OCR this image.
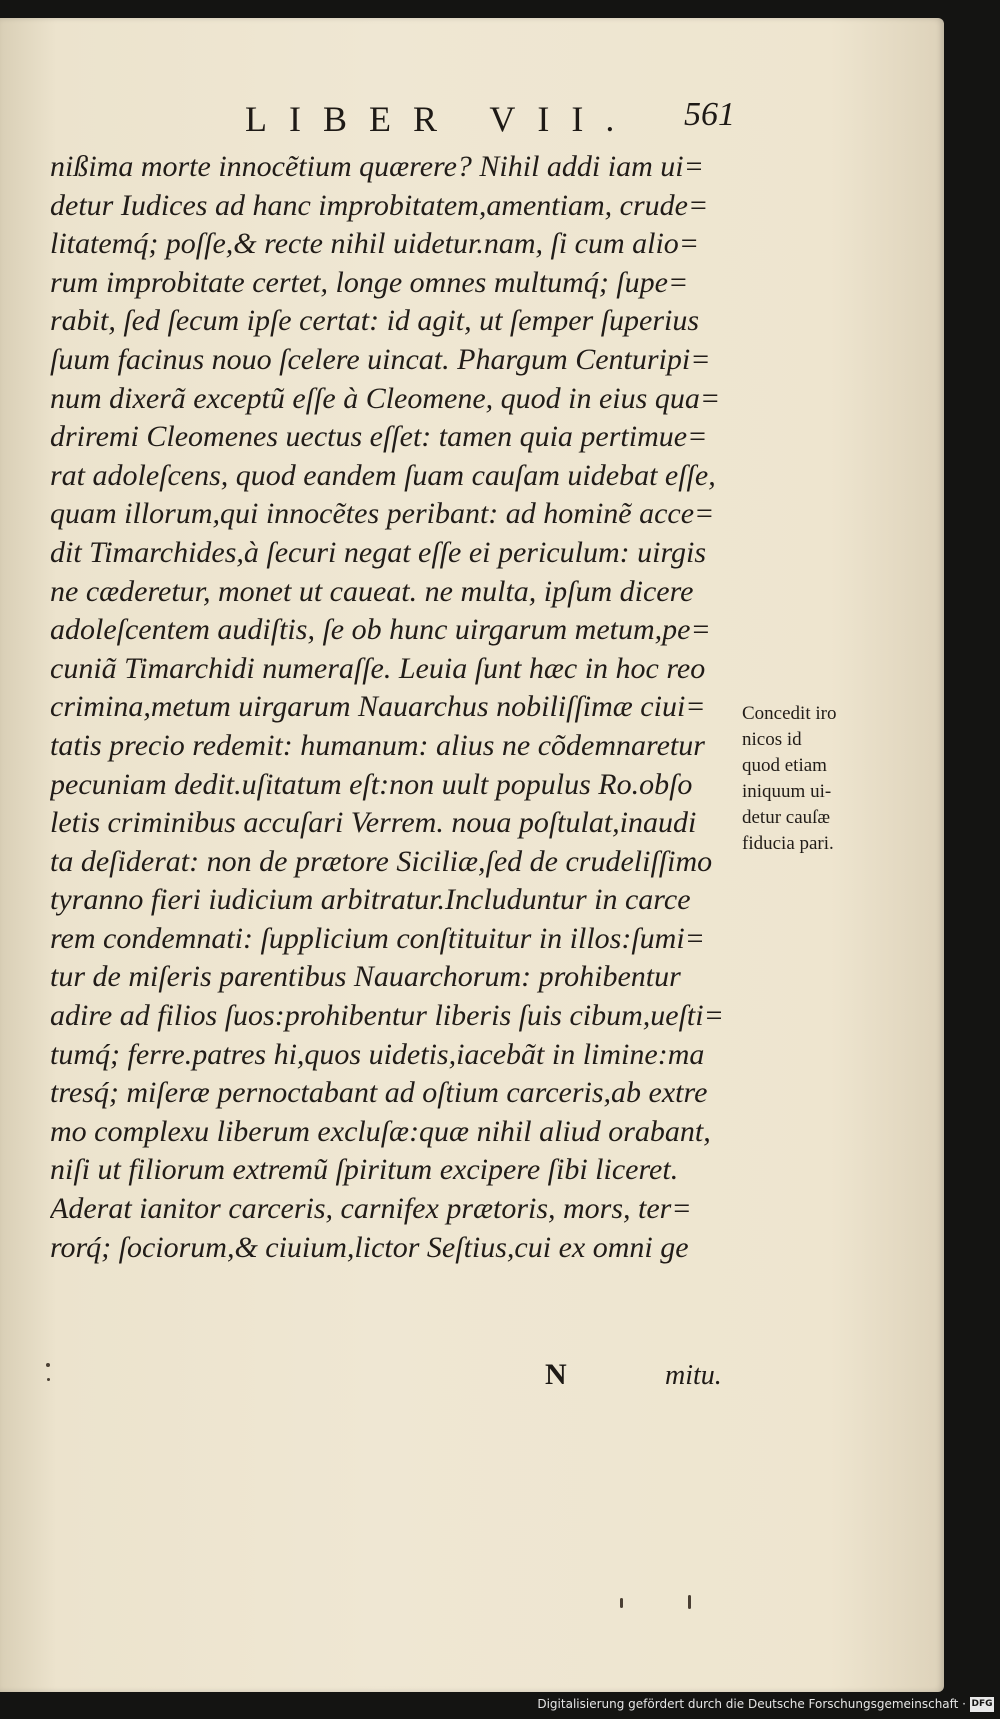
LIBER VII. 561
nißima morte innocẽtium quærere? Nihil addi iam ui=
detur Iudices ad hanc improbitatem,amentiam, crude=
litatemq́; poſſe,& recte nihil uidetur.nam, ſi cum alio=
rum improbitate certet, longe omnes multumq́; ſupe=
rabit, ſed ſecum ipſe certat: id agit, ut ſemper ſuperius
ſuum facinus nouo ſcelere uincat. Phargum Centuripi=
num dixerã exceptũ eſſe à Cleomene, quod in eius qua=
driremi Cleomenes uectus eſſet: tamen quia pertimue=
rat adoleſcens, quod eandem ſuam cauſam uidebat eſſe,
quam illorum,qui innocẽtes peribant: ad hominẽ acce=
dit Timarchides,à ſecuri negat eſſe ei periculum: uirgis
ne cæderetur, monet ut caueat. ne multa, ipſum dicere
adoleſcentem audiſtis, ſe ob hunc uirgarum metum,pe=
cuniã Timarchidi numeraſſe. Leuia ſunt hæc in hoc reo
crimina,metum uirgarum Nauarchus nobiliſſimæ ciui=
tatis precio redemit: humanum: alius ne cõdemnaretur
pecuniam dedit.uſitatum eſt:non uult populus Ro.obſo
letis criminibus accuſari Verrem. noua poſtulat,inaudi
ta deſiderat: non de prætore Siciliæ,ſed de crudeliſſimo
tyranno fieri iudicium arbitratur.Includuntur in carce
rem condemnati: ſupplicium conſtituitur in illos:ſumi=
tur de miſeris parentibus Nauarchorum: prohibentur
adire ad filios ſuos:prohibentur liberis ſuis cibum,ueſti=
tumq́; ferre.patres hi,quos uidetis,iacebãt in limine:ma
tresq́; miſeræ pernoctabant ad oſtium carceris,ab extre
mo complexu liberum excluſæ:quæ nihil aliud orabant,
niſi ut filiorum extremũ ſpiritum excipere ſibi liceret.
Aderat ianitor carceris, carnifex prætoris, mors, ter=
rorq́; ſociorum,& ciuium,lictor Seſtius,cui ex omni ge
Concedit iro
nicos id
quod etiam
iniquum ui-
detur cauſæ
fiducia pari.
N	mitu.
Digitalisierung gefördert durch die Deutsche Forschungsgemeinschaft · DFG
